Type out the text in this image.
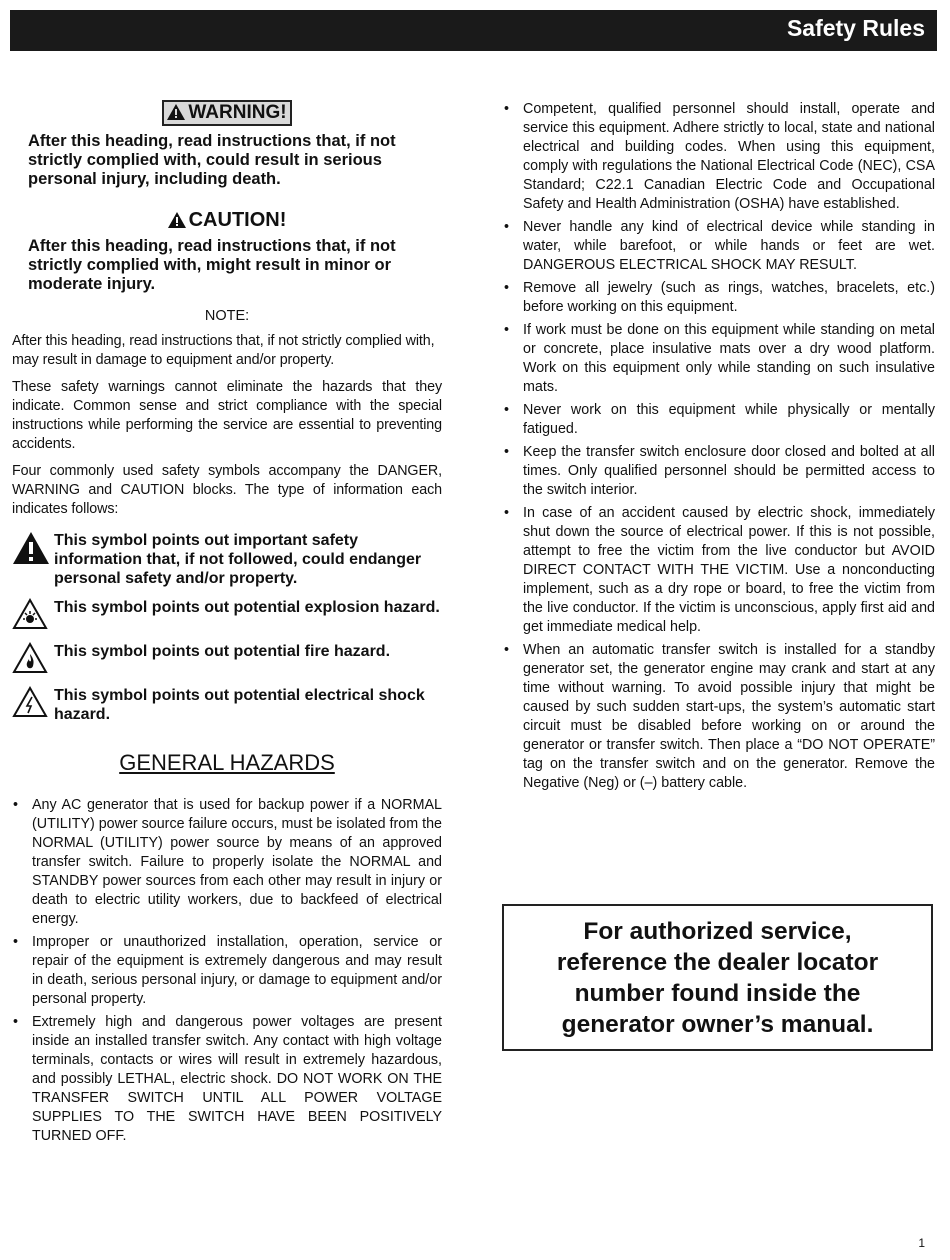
Safety Rules
WARNING!
After this heading, read instructions that, if not strictly complied with, could result in serious personal injury, including death.
CAUTION!
After this heading, read instructions that, if not strictly complied with, might result in minor or moderate injury.
NOTE:
After this heading, read instructions that, if not strictly complied with, may result in damage to equipment and/or property.
These safety warnings cannot eliminate the hazards that they indicate. Common sense and strict compliance with the special instructions while performing the service are essential to preventing accidents.
Four commonly used safety symbols accompany the DANGER, WARNING and CAUTION blocks. The type of information each indicates follows:
This symbol points out important safety information that, if not followed, could endanger personal safety and/or property.
This symbol points out potential explosion hazard.
This symbol points out potential fire hazard.
This symbol points out potential electrical shock hazard.
GENERAL HAZARDS
• Any AC generator that is used for backup power if a NORMAL (UTILITY) power source failure occurs, must be isolated from the NORMAL (UTILITY) power source by means of an approved transfer switch. Failure to properly isolate the NORMAL and STANDBY power sources from each other may result in injury or death to electric utility workers, due to backfeed of electrical energy.
• Improper or unauthorized installation, operation, service or repair of the equipment is extremely dangerous and may result in death, serious personal injury, or damage to equipment and/or personal property.
• Extremely high and dangerous power voltages are present inside an installed transfer switch. Any contact with high voltage terminals, contacts or wires will result in extremely hazardous, and possibly LETHAL, electric shock. DO NOT WORK ON THE TRANSFER SWITCH UNTIL ALL POWER VOLTAGE SUPPLIES TO THE SWITCH HAVE BEEN POSITIVELY TURNED OFF.
• Competent, qualified personnel should install, operate and service this equipment. Adhere strictly to local, state and national electrical and building codes. When using this equipment, comply with regulations the National Electrical Code (NEC), CSA Standard; C22.1 Canadian Electric Code and Occupational Safety and Health Administration (OSHA) have established.
• Never handle any kind of electrical device while standing in water, while barefoot, or while hands or feet are wet. DANGEROUS ELECTRICAL SHOCK MAY RESULT.
• Remove all jewelry (such as rings, watches, bracelets, etc.) before working on this equipment.
• If work must be done on this equipment while standing on metal or concrete, place insulative mats over a dry wood platform. Work on this equipment only while standing on such insulative mats.
• Never work on this equipment while physically or mentally fatigued.
• Keep the transfer switch enclosure door closed and bolted at all times. Only qualified personnel should be permitted access to the switch interior.
• In case of an accident caused by electric shock, immediately shut down the source of electrical power. If this is not possible, attempt to free the victim from the live conductor but AVOID DIRECT CONTACT WITH THE VICTIM. Use a nonconducting implement, such as a dry rope or board, to free the victim from the live conductor. If the victim is unconscious, apply first aid and get immediate medical help.
• When an automatic transfer switch is installed for a standby generator set, the generator engine may crank and start at any time without warning. To avoid possible injury that might be caused by such sudden start-ups, the system’s automatic start circuit must be disabled before working on or around the generator or transfer switch. Then place a “DO NOT OPERATE” tag on the transfer switch and on the generator. Remove the Negative (Neg) or (–) battery cable.
For authorized service, reference the dealer locator number found inside the generator owner’s manual.
1
